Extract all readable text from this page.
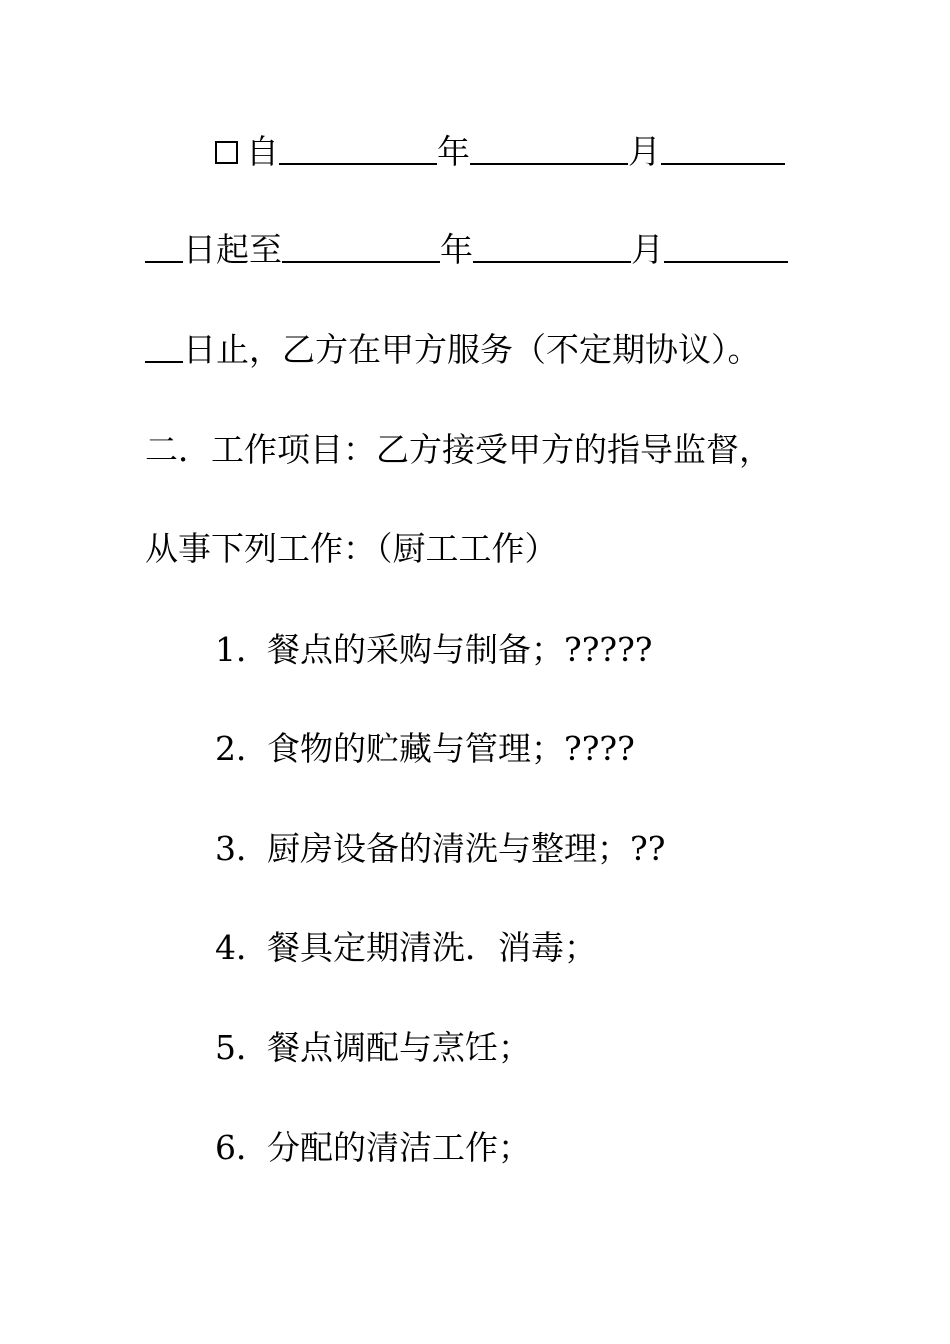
自	年	月
日起至	年	月
日止，乙方在甲方服务（不定期协议）。
二．工作项目：乙方接受甲方的指导监督，
从事下列工作：（厨工工作）
1．餐点的采购与制备；?????
2．食物的贮藏与管理；????
3．厨房设备的清洗与整理；??
4．餐具定期清洗．消毒；
5．餐点调配与烹饪；
6．分配的清洁工作；
